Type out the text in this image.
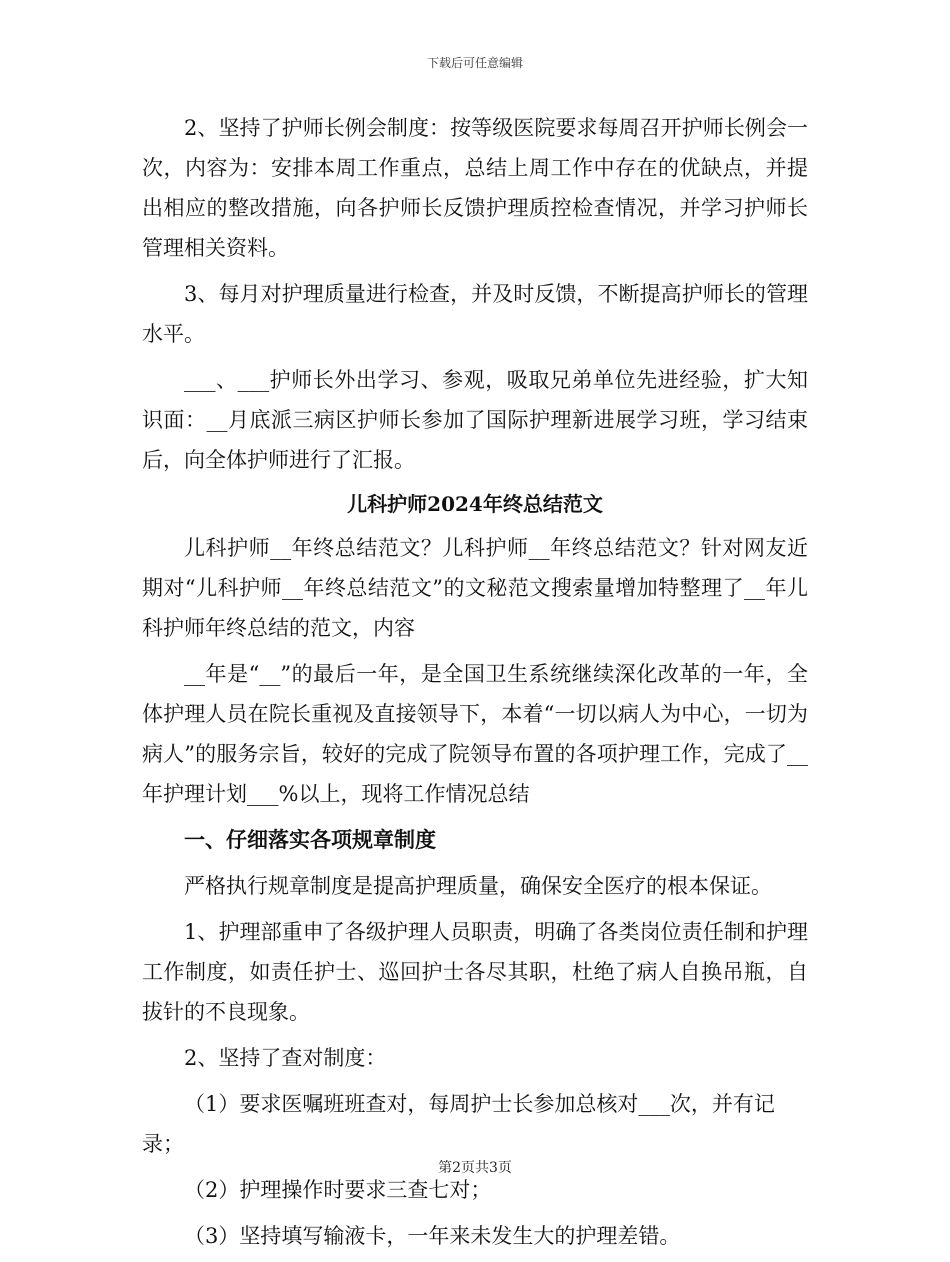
下载后可任意编辑

2、坚持了护师长例会制度：按等级医院要求每周召开护师长例会一次，内容为：安排本周工作重点，总结上周工作中存在的优缺点，并提出相应的整改措施，向各护师长反馈护理质控检查情况，并学习护师长管理相关资料。

3、每月对护理质量进行检查，并及时反馈，不断提高护师长的管理水平。

___、___护师长外出学习、参观，吸取兄弟单位先进经验，扩大知识面：__月底派三病区护师长参加了国际护理新进展学习班，学习结束后，向全体护师进行了汇报。

儿科护师2024年终总结范文

儿科护师__年终总结范文？儿科护师__年终总结范文？针对网友近期对“儿科护师__年终总结范文”的文秘范文搜索量增加特整理了__年儿科护师年终总结的范文，内容

__年是“__”的最后一年，是全国卫生系统继续深化改革的一年，全体护理人员在院长重视及直接领导下，本着“一切以病人为中心，一切为病人”的服务宗旨，较好的完成了院领导布置的各项护理工作，完成了__年护理计划___%以上，现将工作情况总结

一、仔细落实各项规章制度

严格执行规章制度是提高护理质量，确保安全医疗的根本保证。

1、护理部重申了各级护理人员职责，明确了各类岗位责任制和护理工作制度，如责任护士、巡回护士各尽其职，杜绝了病人自换吊瓶，自拔针的不良现象。

2、坚持了查对制度：

（1）要求医嘱班班查对，每周护士长参加总核对___次，并有记录；

（2）护理操作时要求三查七对；

（3）坚持填写输液卡，一年来未发生大的护理差错。

第2页共3页
